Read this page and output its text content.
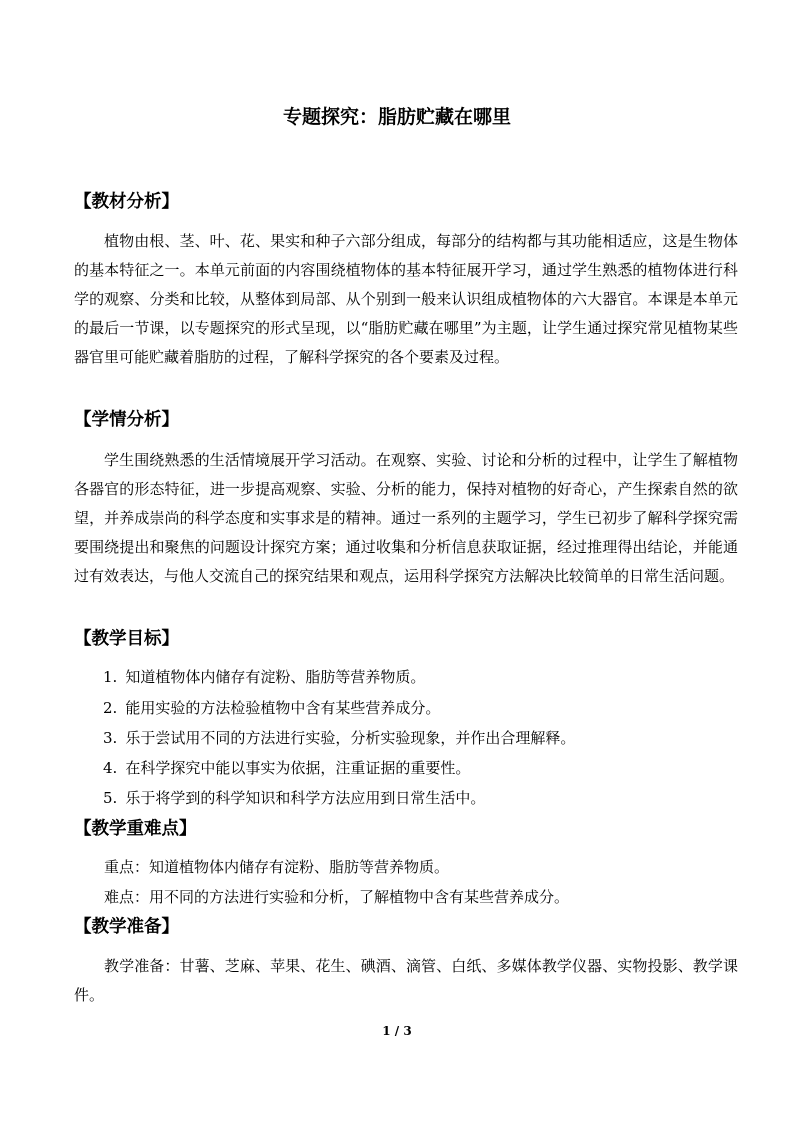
专题探究：脂肪贮藏在哪里
【教材分析】
植物由根、茎、叶、花、果实和种子六部分组成，每部分的结构都与其功能相适应，这是生物体的基本特征之一。本单元前面的内容围绕植物体的基本特征展开学习，通过学生熟悉的植物体进行科学的观察、分类和比较，从整体到局部、从个别到一般来认识组成植物体的六大器官。本课是本单元的最后一节课，以专题探究的形式呈现，以“脂肪贮藏在哪里”为主题，让学生通过探究常见植物某些器官里可能贮藏着脂肪的过程，了解科学探究的各个要素及过程。
【学情分析】
学生围绕熟悉的生活情境展开学习活动。在观察、实验、讨论和分析的过程中，让学生了解植物各器官的形态特征，进一步提高观察、实验、分析的能力，保持对植物的好奇心，产生探索自然的欲望，并养成崇尚的科学态度和实事求是的精神。通过一系列的主题学习，学生已初步了解科学探究需要围绕提出和聚焦的问题设计探究方案；通过收集和分析信息获取证据，经过推理得出结论，并能通过有效表达，与他人交流自己的探究结果和观点，运用科学探究方法解决比较简单的日常生活问题。
【教学目标】
1. 知道植物体内储存有淀粉、脂肪等营养物质。
2. 能用实验的方法检验植物中含有某些营养成分。
3. 乐于尝试用不同的方法进行实验，分析实验现象，并作出合理解释。
4. 在科学探究中能以事实为依据，注重证据的重要性。
5. 乐于将学到的科学知识和科学方法应用到日常生活中。
【教学重难点】
重点：知道植物体内储存有淀粉、脂肪等营养物质。
难点：用不同的方法进行实验和分析，了解植物中含有某些营养成分。
【教学准备】
教学准备：甘薯、芝麻、苹果、花生、碘酒、滴管、白纸、多媒体教学仪器、实物投影、教学课件。
1 / 3
